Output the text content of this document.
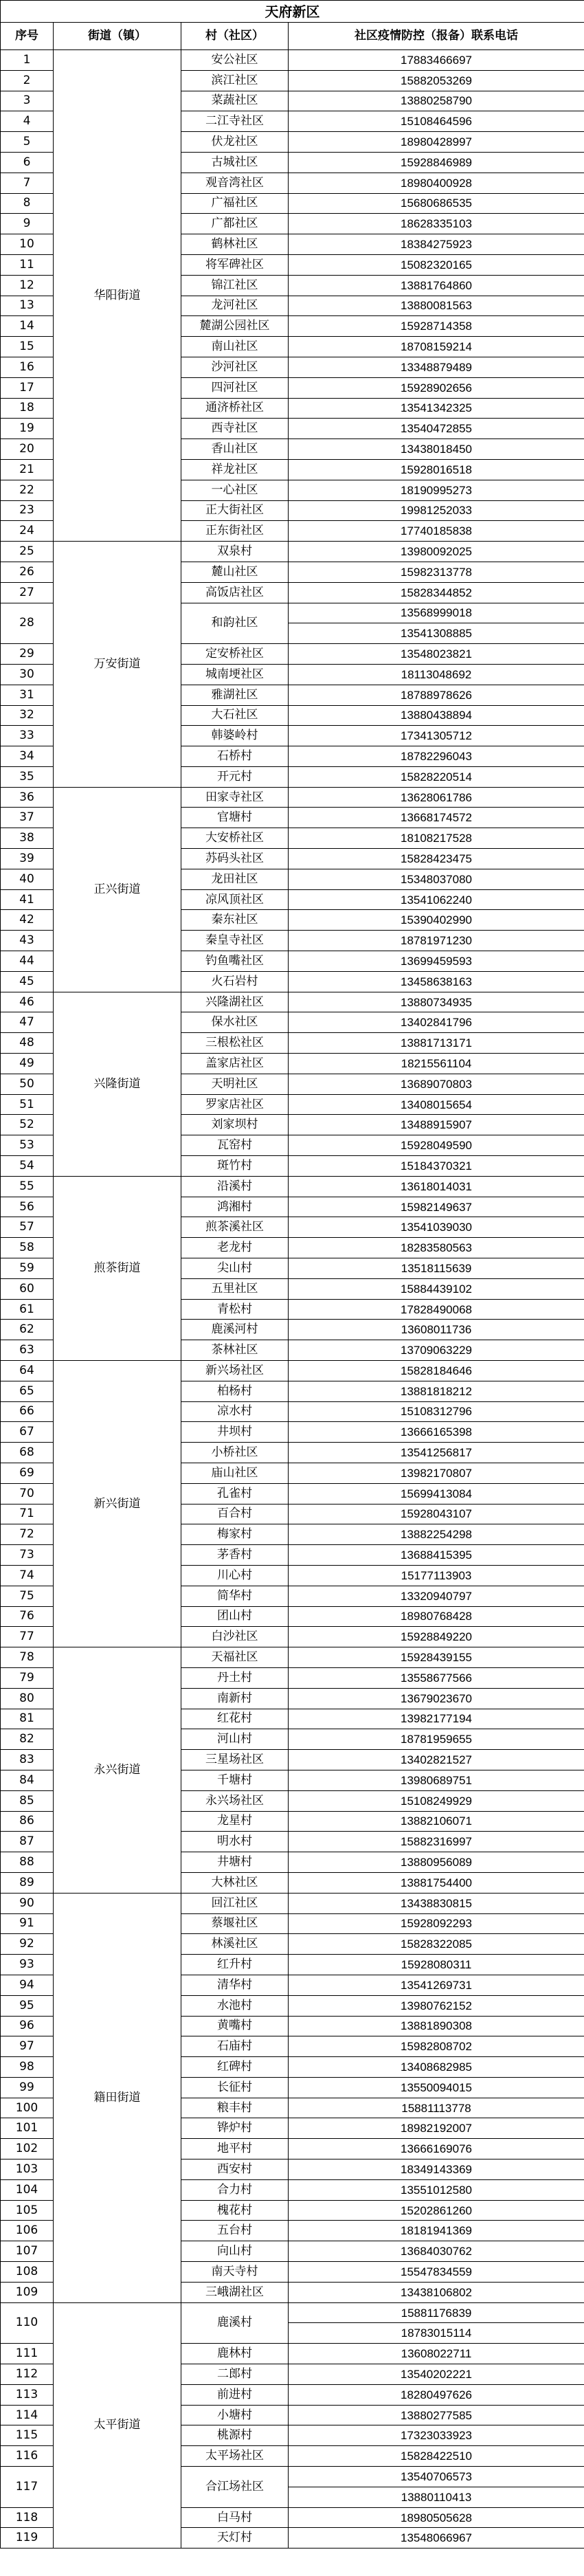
天府新区			
序号	街道（镇）	村（社区）	社区疫情防控（报备）联系电话
1	华阳街道	安公社区	17883466697
2		滨江社区	15882053269
3		菜蔬社区	13880258790
4		二江寺社区	15108464596
5		伏龙社区	18980428997
6		古城社区	15928846989
7		观音湾社区	18980400928
8		广福社区	15680686535
9		广都社区	18628335103
10		鹤林社区	18384275923
11		将军碑社区	15082320165
12		锦江社区	13881764860
13		龙河社区	13880081563
14		麓湖公园社区	15928714358
15		南山社区	18708159214
16		沙河社区	13348879489
17		四河社区	15928902656
18		通济桥社区	13541342325
19		西寺社区	13540472855
20		香山社区	13438018450
21		祥龙社区	15928016518
22		一心社区	18190995273
23		正大街社区	19981252033
24		正东街社区	17740185838
25	万安街道	双泉村	13980092025
26		麓山社区	15982313778
27		高饭店社区	15828344852
28		和韵社区	13568999018
			13541308885
29		定安桥社区	13548023821
30		城南埂社区	18113048692
31		雅湖社区	18788978626
32		大石社区	13880438894
33		韩婆岭村	17341305712
34		石桥村	18782296043
35		开元村	15828220514
36	正兴街道	田家寺社区	13628061786
37		官塘村	13668174572
38		大安桥社区	18108217528
39		苏码头社区	15828423475
40		龙田社区	15348037080
41		凉风顶社区	13541062240
42		秦东社区	15390402990
43		秦皇寺社区	18781971230
44		钓鱼嘴社区	13699459593
45		火石岩村	13458638163
46	兴隆街道	兴隆湖社区	13880734935
47		保水社区	13402841796
48		三根松社区	13881713171
49		盖家店社区	18215561104
50		天明社区	13689070803
51		罗家店社区	13408015654
52		刘家坝村	13488915907
53		瓦窑村	15928049590
54		斑竹村	15184370321
55	煎茶街道	沿溪村	13618014031
56		鸿湘村	15982149637
57		煎茶溪社区	13541039030
58		老龙村	18283580563
59		尖山村	13518115639
60		五里社区	15884439102
61		青松村	17828490068
62		鹿溪河村	13608011736
63		茶林社区	13709063229
64	新兴街道	新兴场社区	15828184646
65		柏杨村	13881818212
66		凉水村	15108312796
67		井坝村	13666165398
68		小桥社区	13541256817
69		庙山社区	13982170807
70		孔雀村	15699413084
71		百合村	15928043107
72		梅家村	13882254298
73		茅香村	13688415395
74		川心村	15177113903
75		简华村	13320940797
76		团山村	18980768428
77		白沙社区	15928849220
78	永兴街道	天福社区	15928439155
79		丹土村	13558677566
80		南新村	13679023670
81		红花村	13982177194
82		河山村	18781959655
83		三星场社区	13402821527
84		千塘村	13980689751
85		永兴场社区	15108249929
86		龙星村	13882106071
87		明水村	15882316997
88		井塘村	13880956089
89		大林社区	13881754400
90	籍田街道	回江社区	13438830815
91		蔡堰社区	15928092293
92		林溪社区	15828322085
93		红升村	15928080311
94		清华村	13541269731
95		水池村	13980762152
96		黄嘴村	13881890308
97		石庙村	15982808702
98		红碑村	13408682985
99		长征村	13550094015
100		粮丰村	15881113778
101		铧炉村	18982192007
102		地平村	13666169076
103		西安村	18349143369
104		合力村	13551012580
105		槐花村	15202861260
106		五台村	18181941369
107		向山村	13684030762
108		南天寺村	15547834559
109		三峨湖社区	13438106802
110	太平街道	鹿溪村	15881176839
			18783015114
111		鹿林村	13608022711
112		二郎村	13540202221
113		前进村	18280497626
114		小塘村	13880277585
115		桃源村	17323033923
116		太平场社区	15828422510
117		合江场社区	13540706573
			13880110413
118		白马村	18980505628
119		天灯村	13548066967
